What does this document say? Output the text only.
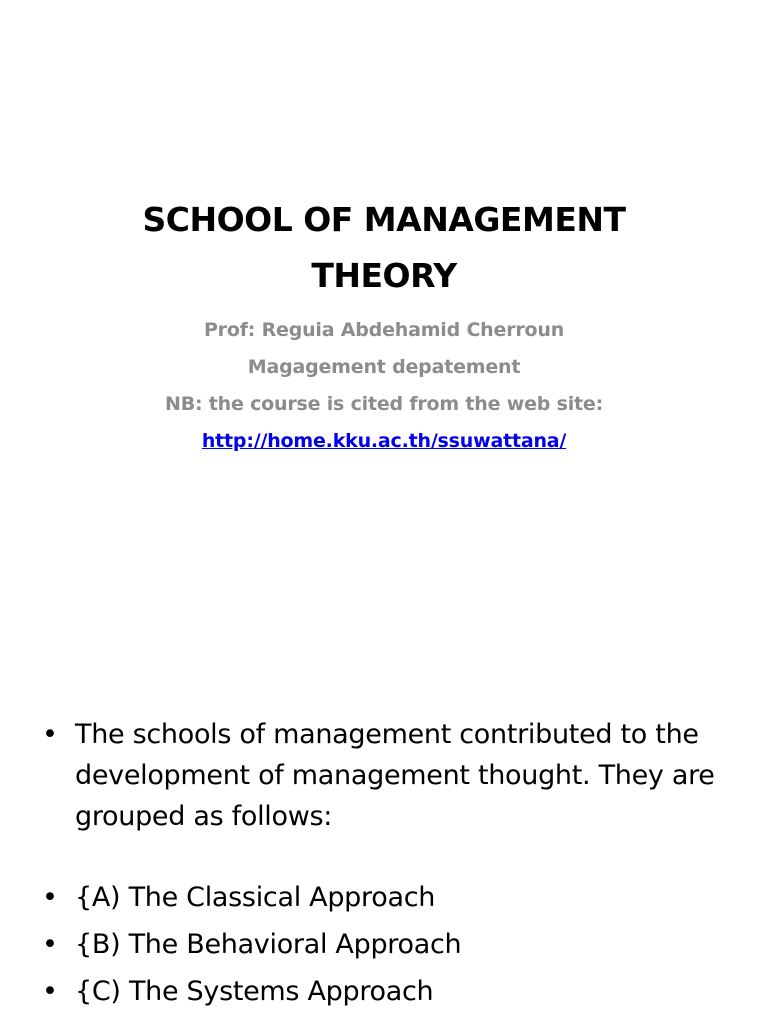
SCHOOL OF MANAGEMENT
THEORY
Prof: Reguia Abdehamid Cherroun
Magagement depatement
NB: the course is cited from the web site:
http://home.kku.ac.th/ssuwattana/
• The schools of management contributed to the development of management thought. They are grouped as follows:
• {A) The Classical Approach
• {B) The Behavioral Approach
• {C) The Systems Approach
